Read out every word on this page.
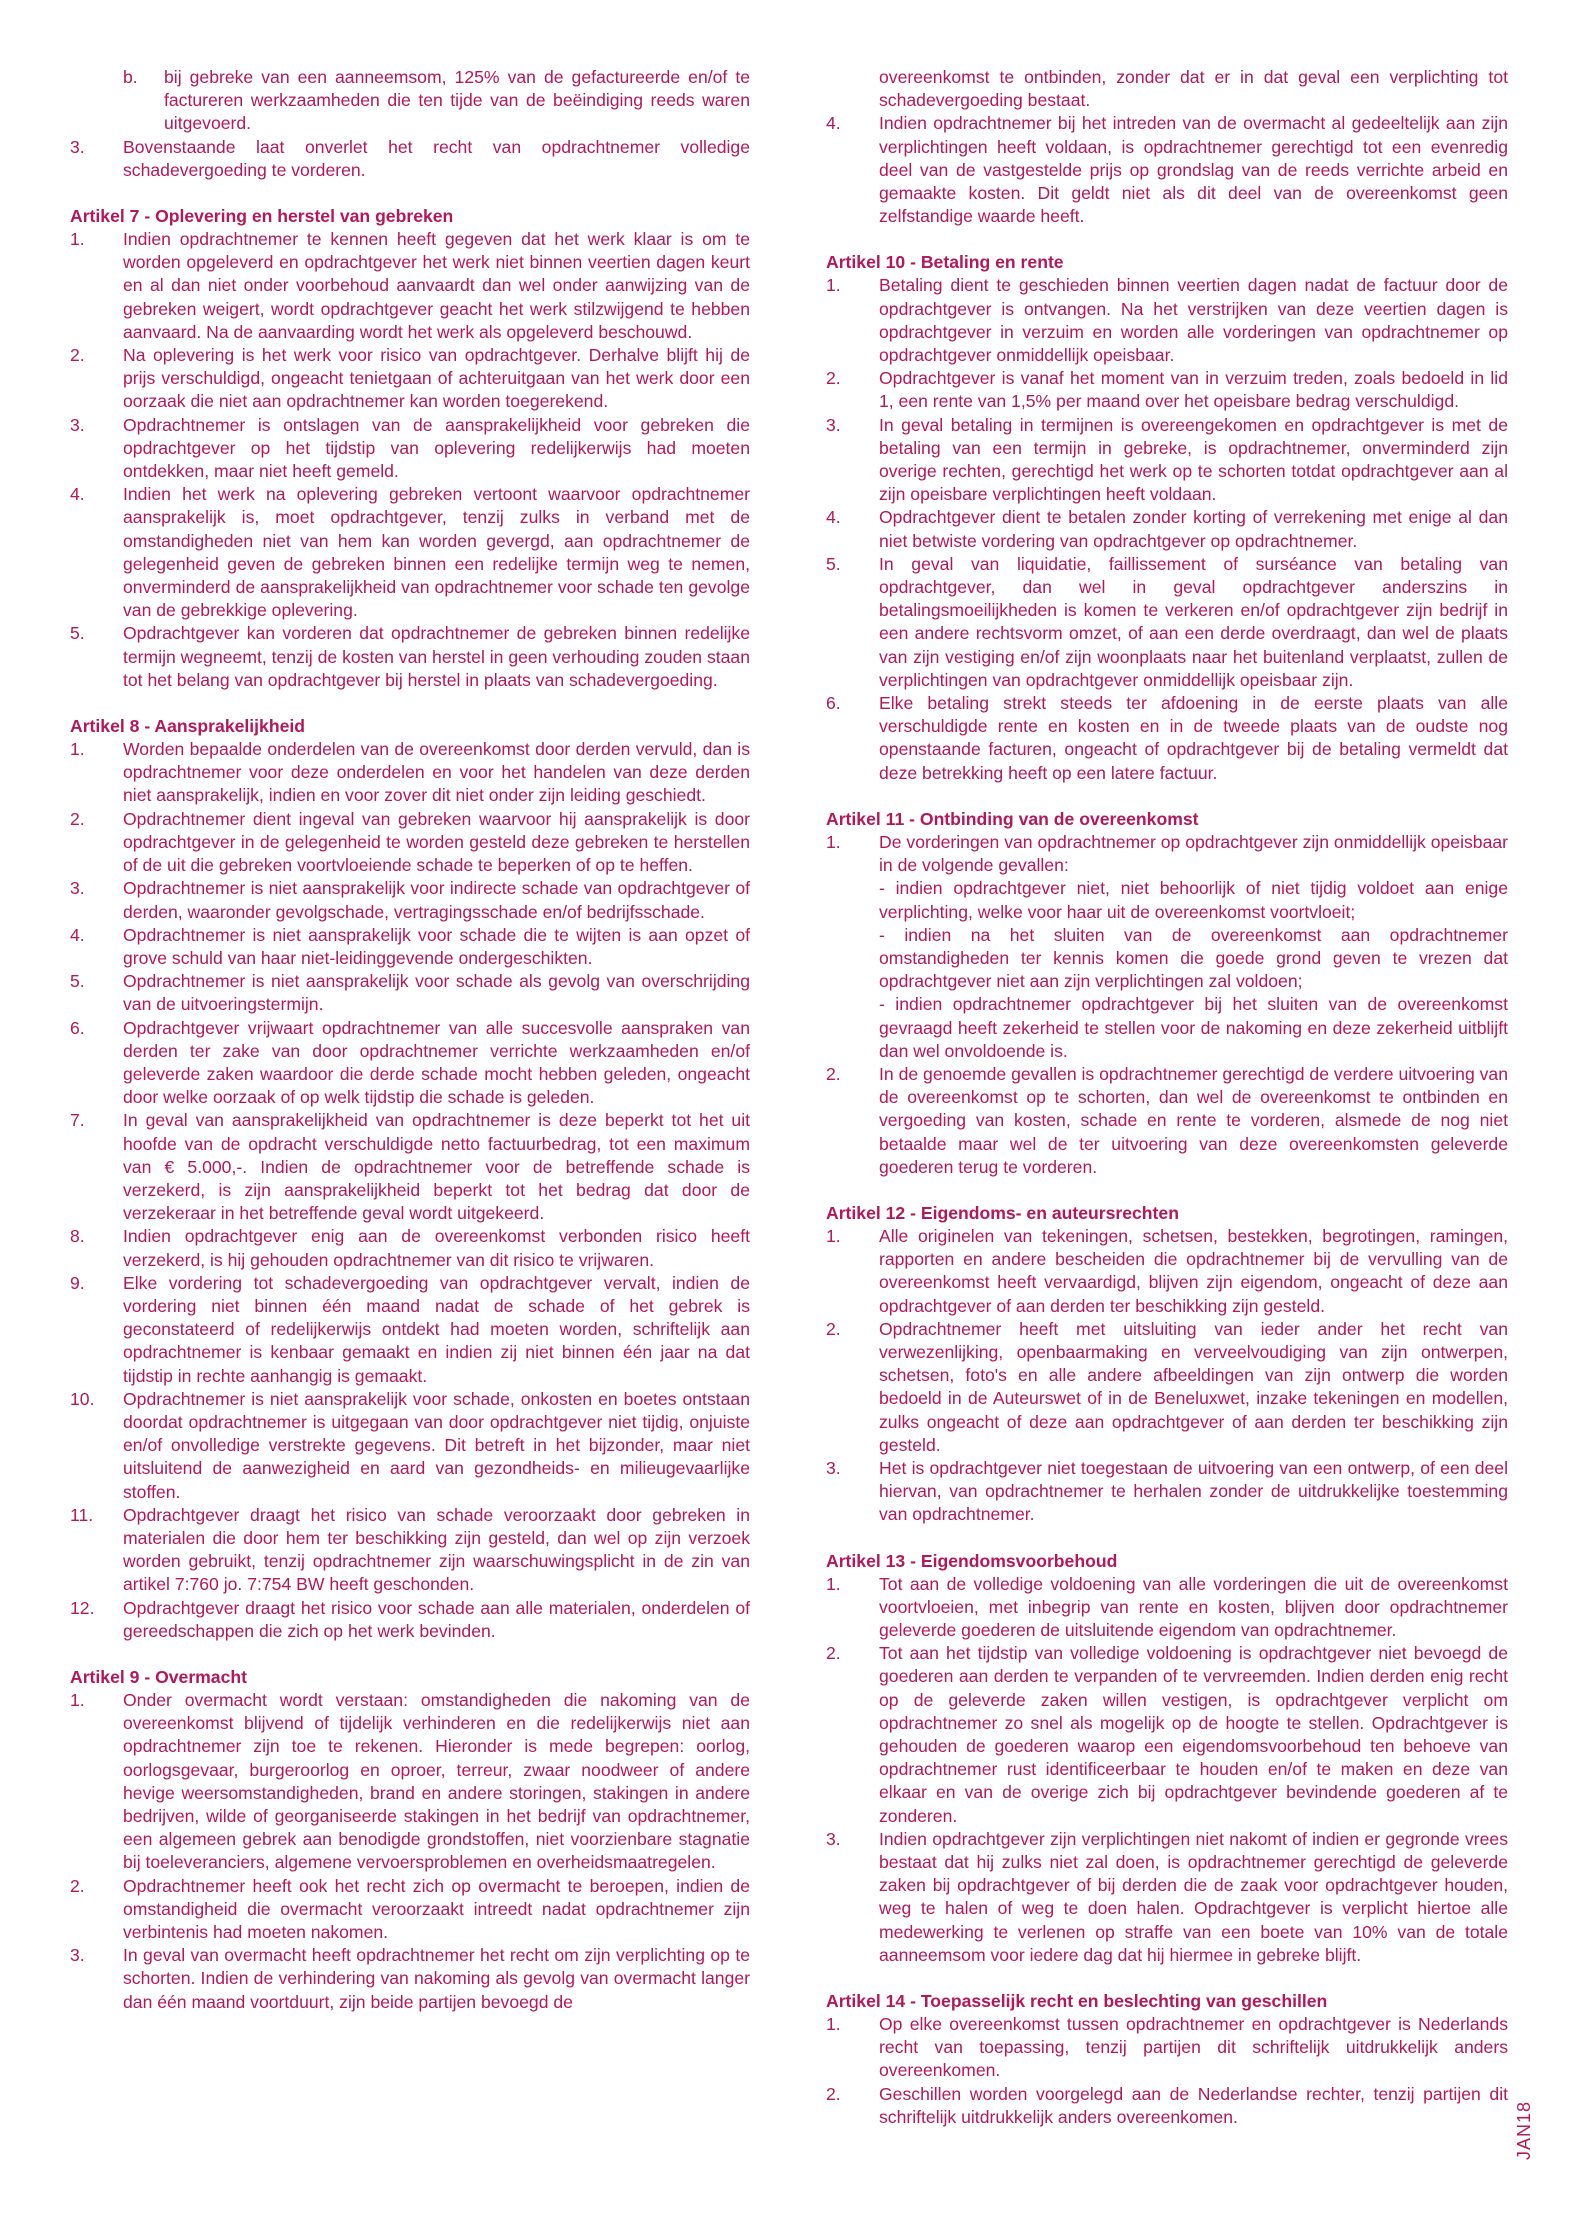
b. bij gebreke van een aanneemsom, 125% van de gefactureerde en/of te factureren werkzaamheden die ten tijde van de beëindiging reeds waren uitgevoerd.
3. Bovenstaande laat onverlet het recht van opdrachtnemer volledige schadevergoeding te vorderen.
Artikel 7 - Oplevering en herstel van gebreken
1. Indien opdrachtnemer te kennen heeft gegeven dat het werk klaar is om te worden opgeleverd en opdrachtgever het werk niet binnen veertien dagen keurt en al dan niet onder voorbehoud aanvaardt dan wel onder aanwijzing van de gebreken weigert, wordt opdrachtgever geacht het werk stilzwijgend te hebben aanvaard. Na de aanvaarding wordt het werk als opgeleverd beschouwd.
2. Na oplevering is het werk voor risico van opdrachtgever. Derhalve blijft hij de prijs verschuldigd, ongeacht tenietgaan of achteruitgaan van het werk door een oorzaak die niet aan opdrachtnemer kan worden toegerekend.
3. Opdrachtnemer is ontslagen van de aansprakelijkheid voor gebreken die opdrachtgever op het tijdstip van oplevering redelijkerwijs had moeten ontdekken, maar niet heeft gemeld.
4. Indien het werk na oplevering gebreken vertoont waarvoor opdrachtnemer aansprakelijk is, moet opdrachtgever, tenzij zulks in verband met de omstandigheden niet van hem kan worden gevergd, aan opdrachtnemer de gelegenheid geven de gebreken binnen een redelijke termijn weg te nemen, onverminderd de aansprakelijkheid van opdrachtnemer voor schade ten gevolge van de gebrekkige oplevering.
5. Opdrachtgever kan vorderen dat opdrachtnemer de gebreken binnen redelijke termijn wegneemt, tenzij de kosten van herstel in geen verhouding zouden staan tot het belang van opdrachtgever bij herstel in plaats van schadevergoeding.
Artikel 8 - Aansprakelijkheid
1. Worden bepaalde onderdelen van de overeenkomst door derden vervuld, dan is opdrachtnemer voor deze onderdelen en voor het handelen van deze derden niet aansprakelijk, indien en voor zover dit niet onder zijn leiding geschiedt.
2. Opdrachtnemer dient ingeval van gebreken waarvoor hij aansprakelijk is door opdrachtgever in de gelegenheid te worden gesteld deze gebreken te herstellen of de uit die gebreken voortvloeiende schade te beperken of op te heffen.
3. Opdrachtnemer is niet aansprakelijk voor indirecte schade van opdrachtgever of derden, waaronder gevolgschade, vertragingsschade en/of bedrijfsschade.
4. Opdrachtnemer is niet aansprakelijk voor schade die te wijten is aan opzet of grove schuld van haar niet-leidinggevende ondergeschikten.
5. Opdrachtnemer is niet aansprakelijk voor schade als gevolg van overschrijding van de uitvoeringstermijn.
6. Opdrachtgever vrijwaart opdrachtnemer van alle succesvolle aanspraken van derden ter zake van door opdrachtnemer verrichte werkzaamheden en/of geleverde zaken waardoor die derde schade mocht hebben geleden, ongeacht door welke oorzaak of op welk tijdstip die schade is geleden.
7. In geval van aansprakelijkheid van opdrachtnemer is deze beperkt tot het uit hoofde van de opdracht verschuldigde netto factuurbedrag, tot een maximum van € 5.000,-. Indien de opdrachtnemer voor de betreffende schade is verzekerd, is zijn aansprakelijkheid beperkt tot het bedrag dat door de verzekeraar in het betreffende geval wordt uitgekeerd.
8. Indien opdrachtgever enig aan de overeenkomst verbonden risico heeft verzekerd, is hij gehouden opdrachtnemer van dit risico te vrijwaren.
9. Elke vordering tot schadevergoeding van opdrachtgever vervalt, indien de vordering niet binnen één maand nadat de schade of het gebrek is geconstateerd of redelijkerwijs ontdekt had moeten worden, schriftelijk aan opdrachtnemer is kenbaar gemaakt en indien zij niet binnen één jaar na dat tijdstip in rechte aanhangig is gemaakt.
10. Opdrachtnemer is niet aansprakelijk voor schade, onkosten en boetes ontstaan doordat opdrachtnemer is uitgegaan van door opdrachtgever niet tijdig, onjuiste en/of onvolledige verstrekte gegevens. Dit betreft in het bijzonder, maar niet uitsluitend de aanwezigheid en aard van gezondheids- en milieugevaarlijke stoffen.
11. Opdrachtgever draagt het risico van schade veroorzaakt door gebreken in materialen die door hem ter beschikking zijn gesteld, dan wel op zijn verzoek worden gebruikt, tenzij opdrachtnemer zijn waarschuwingsplicht in de zin van artikel 7:760 jo. 7:754 BW heeft geschonden.
12. Opdrachtgever draagt het risico voor schade aan alle materialen, onderdelen of gereedschappen die zich op het werk bevinden.
Artikel 9 - Overmacht
1. Onder overmacht wordt verstaan: omstandigheden die nakoming van de overeenkomst blijvend of tijdelijk verhinderen en die redelijkerwijs niet aan opdrachtnemer zijn toe te rekenen. Hieronder is mede begrepen: oorlog, oorlogsgevaar, burgeroorlog en oproer, terreur, zwaar noodweer of andere hevige weersomstandigheden, brand en andere storingen, stakingen in andere bedrijven, wilde of georganiseerde stakingen in het bedrijf van opdrachtnemer, een algemeen gebrek aan benodigde grondstoffen, niet voorzienbare stagnatie bij toeleveranciers, algemene vervoersproblemen en overheidsmaatregelen.
2. Opdrachtnemer heeft ook het recht zich op overmacht te beroepen, indien de omstandigheid die overmacht veroorzaakt intreedt nadat opdrachtnemer zijn verbintenis had moeten nakomen.
3. In geval van overmacht heeft opdrachtnemer het recht om zijn verplichting op te schorten. Indien de verhindering van nakoming als gevolg van overmacht langer dan één maand voortduurt, zijn beide partijen bevoegd de
overeenkomst te ontbinden, zonder dat er in dat geval een verplichting tot schadevergoeding bestaat.
4. Indien opdrachtnemer bij het intreden van de overmacht al gedeeltelijk aan zijn verplichtingen heeft voldaan, is opdrachtnemer gerechtigd tot een evenredig deel van de vastgestelde prijs op grondslag van de reeds verrichte arbeid en gemaakte kosten. Dit geldt niet als dit deel van de overeenkomst geen zelfstandige waarde heeft.
Artikel 10 - Betaling en rente
1. Betaling dient te geschieden binnen veertien dagen nadat de factuur door de opdrachtgever is ontvangen. Na het verstrijken van deze veertien dagen is opdrachtgever in verzuim en worden alle vorderingen van opdrachtnemer op opdrachtgever onmiddellijk opeisbaar.
2. Opdrachtgever is vanaf het moment van in verzuim treden, zoals bedoeld in lid 1, een rente van 1,5% per maand over het opeisbare bedrag verschuldigd.
3. In geval betaling in termijnen is overeengekomen en opdrachtgever is met de betaling van een termijn in gebreke, is opdrachtnemer, onverminderd zijn overige rechten, gerechtigd het werk op te schorten totdat opdrachtgever aan al zijn opeisbare verplichtingen heeft voldaan.
4. Opdrachtgever dient te betalen zonder korting of verrekening met enige al dan niet betwiste vordering van opdrachtgever op opdrachtnemer.
5. In geval van liquidatie, faillissement of surséance van betaling van opdrachtgever, dan wel in geval opdrachtgever anderszins in betalingsmoeilijkheden is komen te verkeren en/of opdrachtgever zijn bedrijf in een andere rechtsvorm omzet, of aan een derde overdraagt, dan wel de plaats van zijn vestiging en/of zijn woonplaats naar het buitenland verplaatst, zullen de verplichtingen van opdrachtgever onmiddellijk opeisbaar zijn.
6. Elke betaling strekt steeds ter afdoening in de eerste plaats van alle verschuldigde rente en kosten en in de tweede plaats van de oudste nog openstaande facturen, ongeacht of opdrachtgever bij de betaling vermeldt dat deze betrekking heeft op een latere factuur.
Artikel 11 - Ontbinding van de overeenkomst
1. De vorderingen van opdrachtnemer op opdrachtgever zijn onmiddellijk opeisbaar in de volgende gevallen:
- indien opdrachtgever niet, niet behoorlijk of niet tijdig voldoet aan enige verplichting, welke voor haar uit de overeenkomst voortvloeit;
- indien na het sluiten van de overeenkomst aan opdrachtnemer omstandigheden ter kennis komen die goede grond geven te vrezen dat opdrachtgever niet aan zijn verplichtingen zal voldoen;
- indien opdrachtnemer opdrachtgever bij het sluiten van de overeenkomst gevraagd heeft zekerheid te stellen voor de nakoming en deze zekerheid uitblijft dan wel onvoldoende is.
2. In de genoemde gevallen is opdrachtnemer gerechtigd de verdere uitvoering van de overeenkomst op te schorten, dan wel de overeenkomst te ontbinden en vergoeding van kosten, schade en rente te vorderen, alsmede de nog niet betaalde maar wel de ter uitvoering van deze overeenkomsten geleverde goederen terug te vorderen.
Artikel 12 - Eigendoms- en auteursrechten
1. Alle originelen van tekeningen, schetsen, bestekken, begrotingen, ramingen, rapporten en andere bescheiden die opdrachtnemer bij de vervulling van de overeenkomst heeft vervaardigd, blijven zijn eigendom, ongeacht of deze aan opdrachtgever of aan derden ter beschikking zijn gesteld.
2. Opdrachtnemer heeft met uitsluiting van ieder ander het recht van verwezenlijking, openbaarmaking en verveelvoudiging van zijn ontwerpen, schetsen, foto's en alle andere afbeeldingen van zijn ontwerp die worden bedoeld in de Auteurswet of in de Beneluxwet, inzake tekeningen en modellen, zulks ongeacht of deze aan opdrachtgever of aan derden ter beschikking zijn gesteld.
3. Het is opdrachtgever niet toegestaan de uitvoering van een ontwerp, of een deel hiervan, van opdrachtnemer te herhalen zonder de uitdrukkelijke toestemming van opdrachtnemer.
Artikel 13 - Eigendomsvoorbehoud
1. Tot aan de volledige voldoening van alle vorderingen die uit de overeenkomst voortvloeien, met inbegrip van rente en kosten, blijven door opdrachtnemer geleverde goederen de uitsluitende eigendom van opdrachtnemer.
2. Tot aan het tijdstip van volledige voldoening is opdrachtgever niet bevoegd de goederen aan derden te verpanden of te vervreemden. Indien derden enig recht op de geleverde zaken willen vestigen, is opdrachtgever verplicht om opdrachtnemer zo snel als mogelijk op de hoogte te stellen. Opdrachtgever is gehouden de goederen waarop een eigendomsvoorbehoud ten behoeve van opdrachtnemer rust identificeerbaar te houden en/of te maken en deze van elkaar en van de overige zich bij opdrachtgever bevindende goederen af te zonderen.
3. Indien opdrachtgever zijn verplichtingen niet nakomt of indien er gegronde vrees bestaat dat hij zulks niet zal doen, is opdrachtnemer gerechtigd de geleverde zaken bij opdrachtgever of bij derden die de zaak voor opdrachtgever houden, weg te halen of weg te doen halen. Opdrachtgever is verplicht hiertoe alle medewerking te verlenen op straffe van een boete van 10% van de totale aanneemsom voor iedere dag dat hij hiermee in gebreke blijft.
Artikel 14 - Toepasselijk recht en beslechting van geschillen
1. Op elke overeenkomst tussen opdrachtnemer en opdrachtgever is Nederlands recht van toepassing, tenzij partijen dit schriftelijk uitdrukkelijk anders overeenkomen.
2. Geschillen worden voorgelegd aan de Nederlandse rechter, tenzij partijen dit schriftelijk uitdrukkelijk anders overeenkomen.	JAN18
